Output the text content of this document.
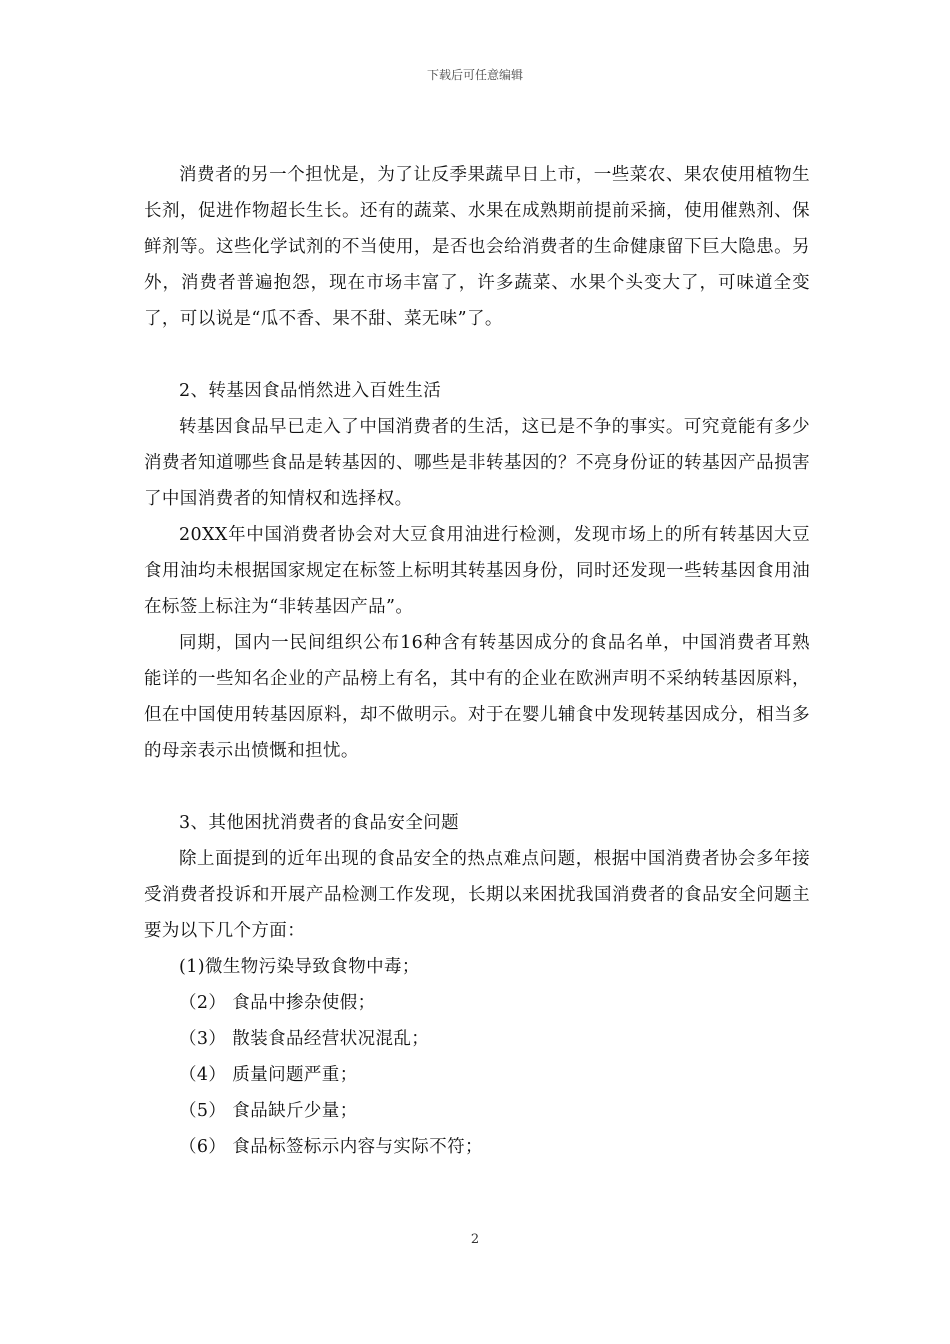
下载后可任意编辑

消费者的另一个担忧是，为了让反季果蔬早日上市，一些菜农、果农使用植物生长剂，促进作物超长生长。还有的蔬菜、水果在成熟期前提前采摘，使用催熟剂、保鲜剂等。这些化学试剂的不当使用，是否也会给消费者的生命健康留下巨大隐患。另外，消费者普遍抱怨，现在市场丰富了，许多蔬菜、水果个头变大了，可味道全变了，可以说是“瓜不香、果不甜、菜无味”了。

2、转基因食品悄然进入百姓生活

转基因食品早已走入了中国消费者的生活，这已是不争的事实。可究竟能有多少消费者知道哪些食品是转基因的、哪些是非转基因的？不亮身份证的转基因产品损害了中国消费者的知情权和选择权。

20XX年中国消费者协会对大豆食用油进行检测，发现市场上的所有转基因大豆食用油均未根据国家规定在标签上标明其转基因身份，同时还发现一些转基因食用油在标签上标注为“非转基因产品”。

同期，国内一民间组织公布16种含有转基因成分的食品名单，中国消费者耳熟能详的一些知名企业的产品榜上有名，其中有的企业在欧洲声明不采纳转基因原料，但在中国使用转基因原料，却不做明示。对于在婴儿辅食中发现转基因成分，相当多的母亲表示出愤慨和担忧。

3、其他困扰消费者的食品安全问题

除上面提到的近年出现的食品安全的热点难点问题，根据中国消费者协会多年接受消费者投诉和开展产品检测工作发现，长期以来困扰我国消费者的食品安全问题主要为以下几个方面：

(1)微生物污染导致食物中毒；

（2） 食品中掺杂使假；

（3） 散装食品经营状况混乱；

（4） 质量问题严重；

（5） 食品缺斤少量；

（6） 食品标签标示内容与实际不符；

2
